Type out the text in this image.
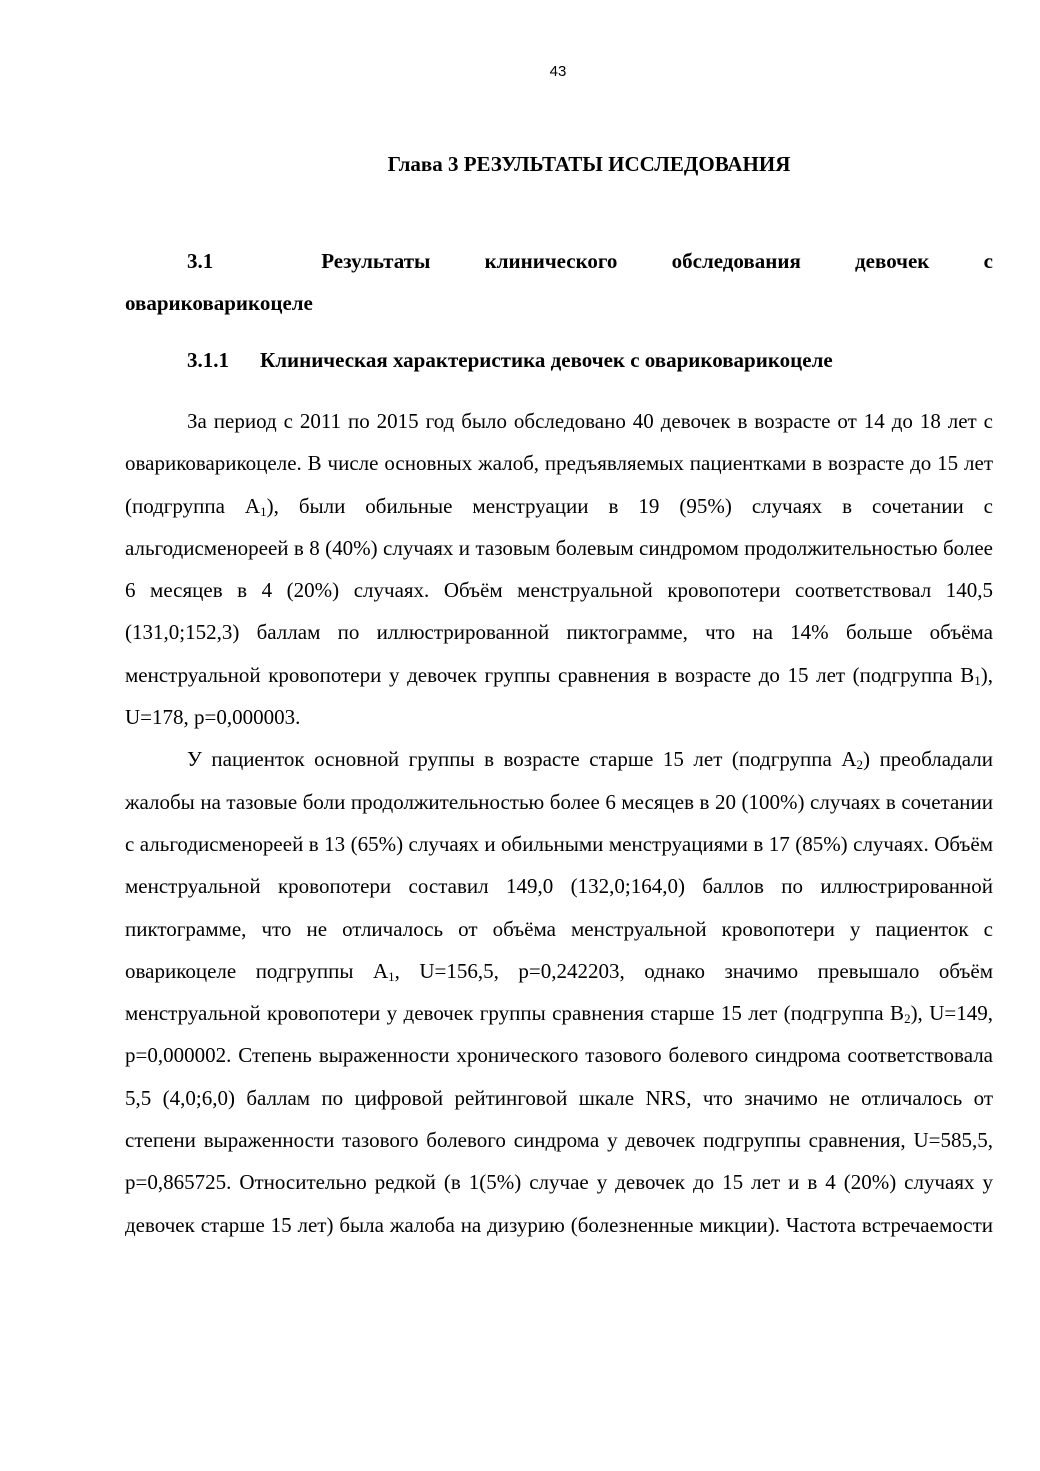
43
Глава 3 РЕЗУЛЬТАТЫ ИССЛЕДОВАНИЯ
3.1	Результаты	клинического	обследования	девочек	с
овариковарикоцеле
3.1.1 Клиническая характеристика девочек с овариковарикоцеле

За период с 2011 по 2015 год было обследовано 40 девочек в возрасте от 14 до 18 лет с овариковарикоцеле. В числе основных жалоб, предъявляемых пациентками в возрасте до 15 лет (подгруппа $А_1$), были обильные менструации в 19 (95%) случаях в сочетании с альгодисменореей в 8 (40%) случаях и тазовым болевым синдромом продолжительностью более 6 месяцев в 4 (20%) случаях. Объём менструальной кровопотери соответствовал 140,5 (131,0;152,3) баллам по иллюстрированной пиктограмме, что на 14% больше объёма менструальной кровопотери у девочек группы сравнения в возрасте до 15 лет (подгруппа $В_1$), U=178, p=0,000003.

У пациенток основной группы в возрасте старше 15 лет (подгруппа $А_2$) преобладали жалобы на тазовые боли продолжительностью более 6 месяцев в 20 (100%) случаях в сочетании с альгодисменореей в 13 (65%) случаях и обильными менструациями в 17 (85%) случаях. Объём менструальной кровопотери составил 149,0 (132,0;164,0) баллов по иллюстрированной пиктограмме, что не отличалось от объёма менструальной кровопотери у пациенток с оварикоцеле подгруппы $А_1$, U=156,5, p=0,242203, однако значимо превышало объём менструальной кровопотери у девочек группы сравнения старше 15 лет (подгруппа $В_2$), U=149, p=0,000002. Степень выраженности хронического тазового болевого синдрома соответствовала 5,5 (4,0;6,0) баллам по цифровой рейтинговой шкале NRS, что значимо не отличалось от степени выраженности тазового болевого синдрома у девочек подгруппы сравнения, U=585,5, p=0,865725. Относительно редкой (в 1(5%) случае у девочек до 15 лет и в 4 (20%) случаях у девочек старше 15 лет) была жалоба на дизурию (болезненные микции). Частота встречаемости
